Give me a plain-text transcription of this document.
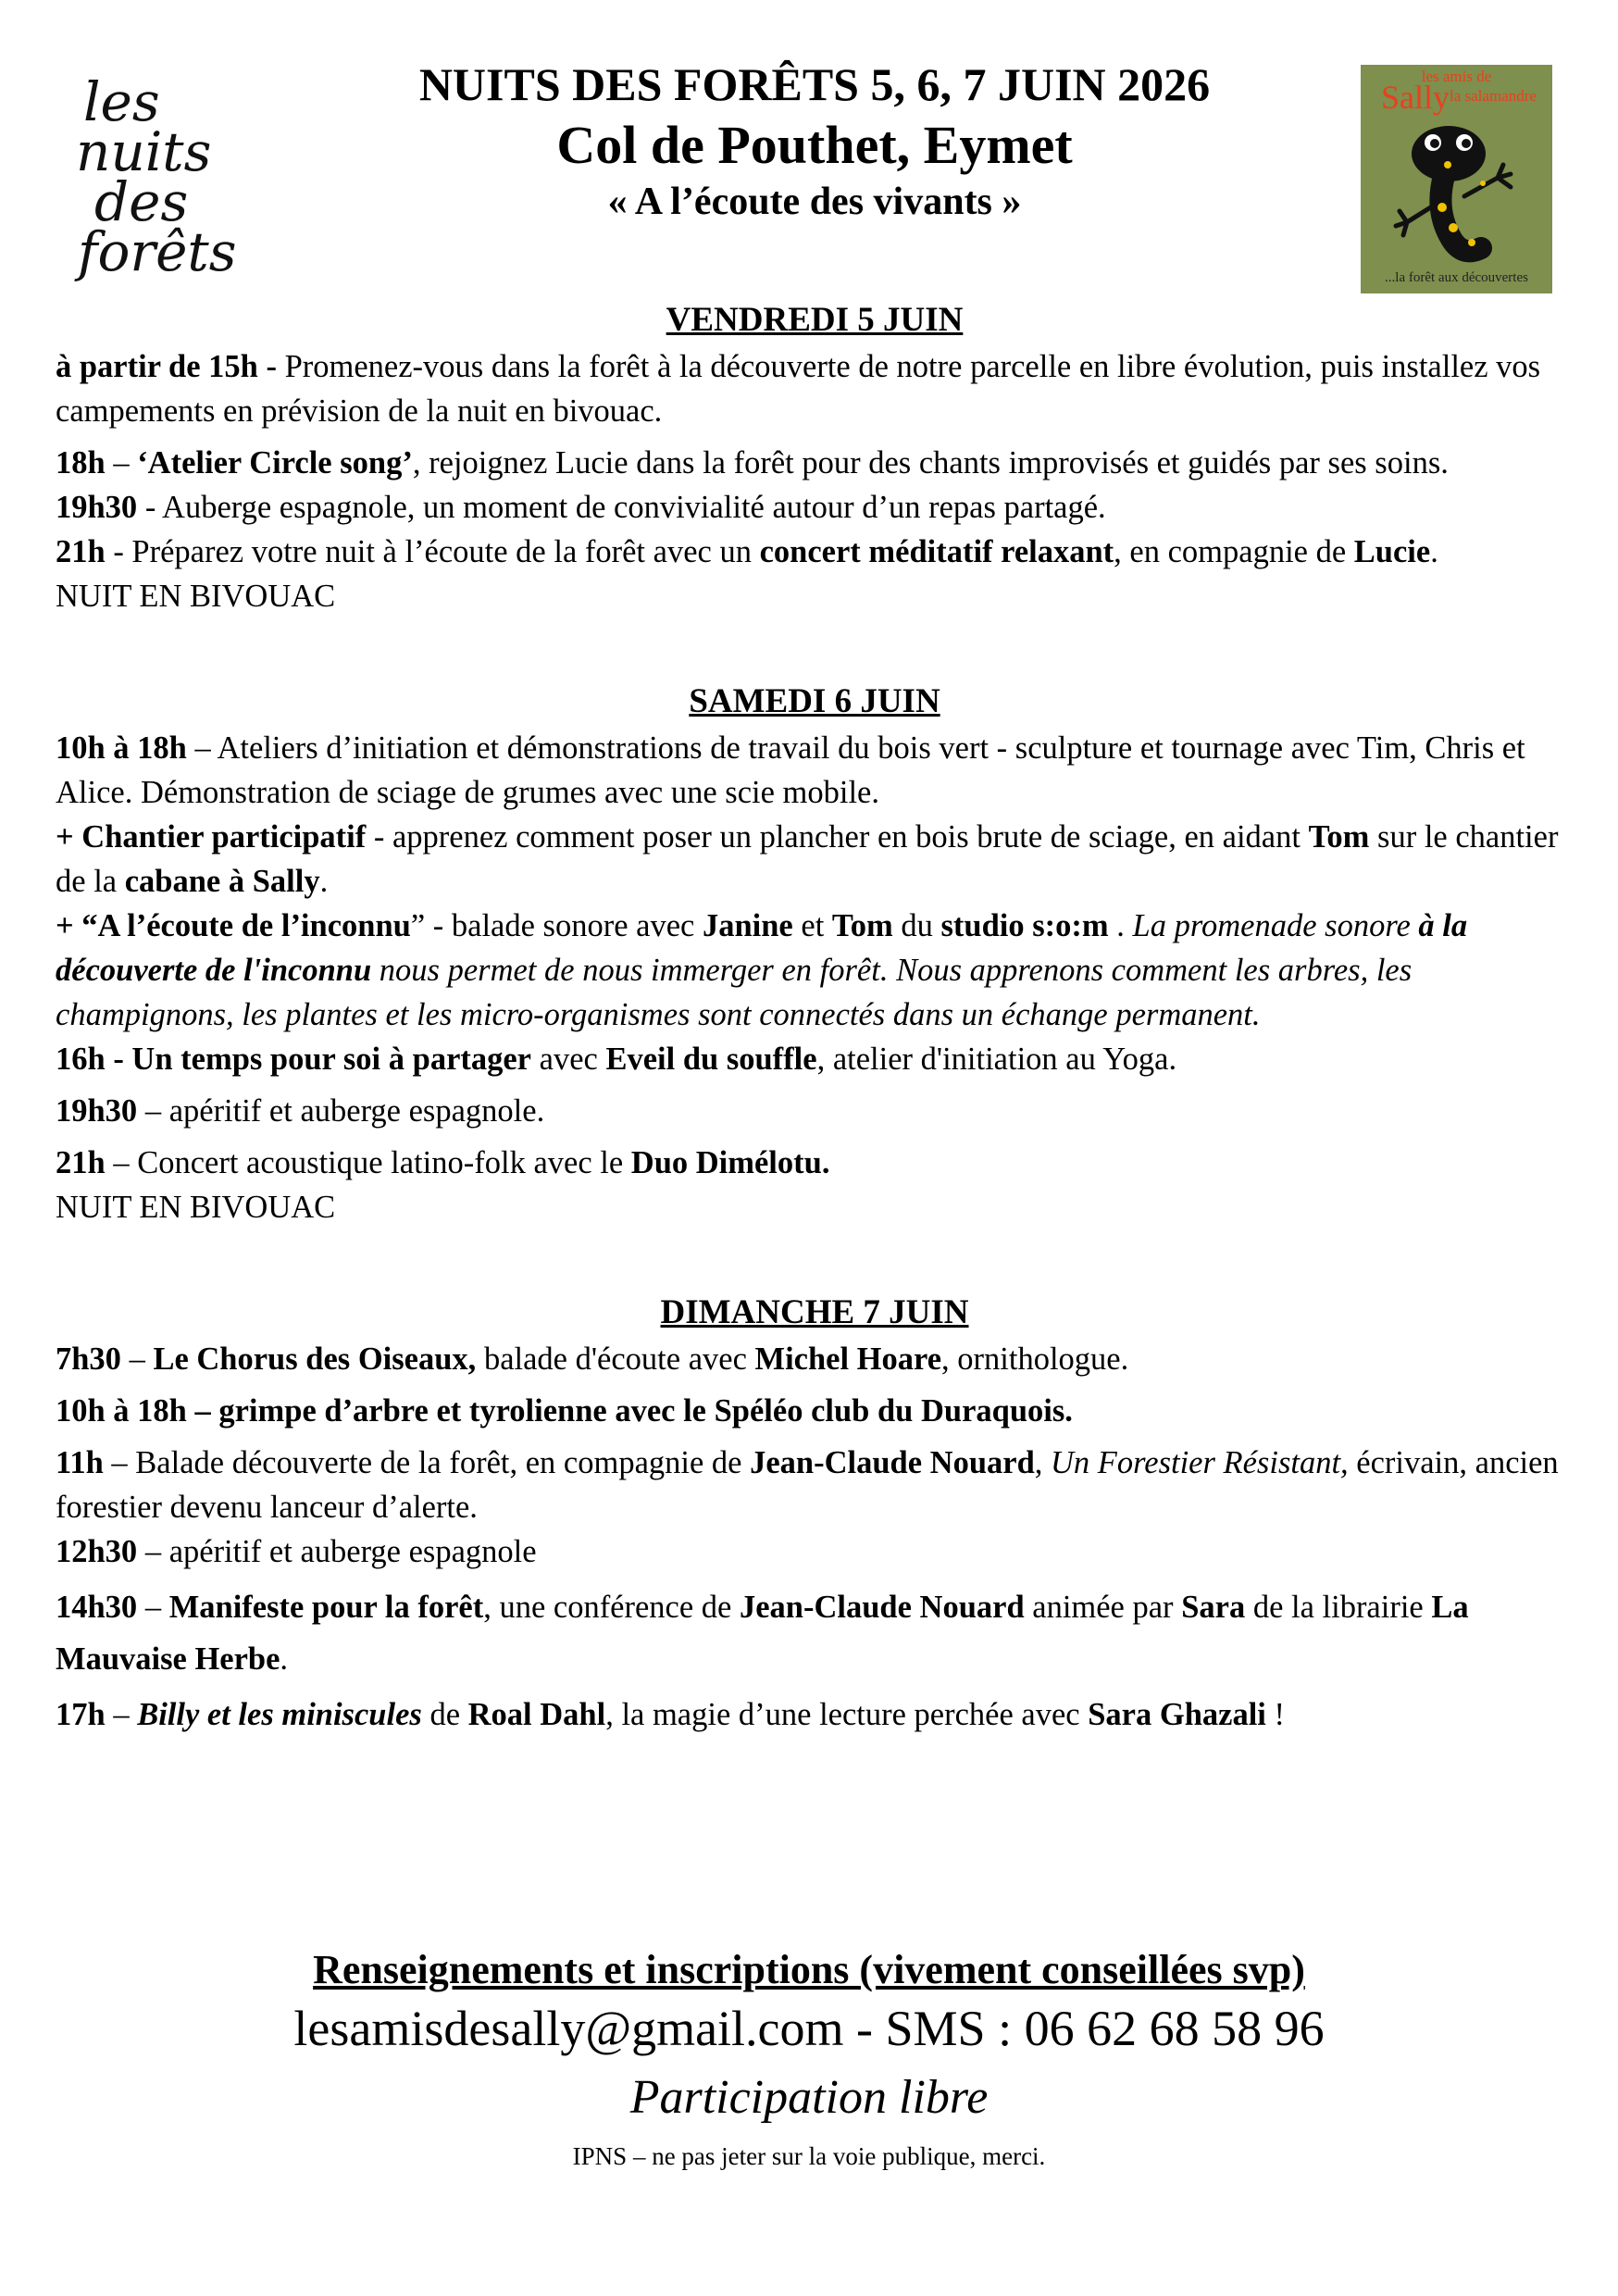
les
nuits
des
forêts
NUITS DES FORÊTS 5, 6, 7 JUIN 2026
Col de Pouthet, Eymet
« A l’écoute des vivants »
les amis de
Sally la salamandre
...la forêt aux découvertes
VENDREDI 5 JUIN

à partir de 15h - Promenez-vous dans la forêt à la découverte de notre parcelle en libre évolution, puis installez vos campements en prévision de la nuit en bivouac.

18h – ‘Atelier Circle song’, rejoignez Lucie dans la forêt pour des chants improvisés et guidés par ses soins.

19h30 - Auberge espagnole, un moment de convivialité autour d’un repas partagé.

21h - Préparez votre nuit à l’écoute de la forêt avec un concert méditatif relaxant, en compagnie de Lucie.

NUIT EN BIVOUAC

SAMEDI 6 JUIN

10h à 18h – Ateliers d’initiation et démonstrations de travail du bois vert - sculpture et tournage avec Tim, Chris et Alice. Démonstration de sciage de grumes avec une scie mobile.

+ Chantier participatif - apprenez comment poser un plancher en bois brute de sciage, en aidant Tom sur le chantier de la cabane à Sally.

+ “A l’écoute de l’inconnu” - balade sonore avec Janine et Tom du studio s:o:m . La promenade sonore à la découverte de l'inconnu nous permet de nous immerger en forêt. Nous apprenons comment les arbres, les champignons, les plantes et les micro-organismes sont connectés dans un échange permanent.

16h - Un temps pour soi à partager avec Eveil du souffle, atelier d'initiation au Yoga.

19h30 – apéritif et auberge espagnole.

21h – Concert acoustique latino-folk avec le Duo Dimélotu.

NUIT EN BIVOUAC

DIMANCHE 7 JUIN

7h30 – Le Chorus des Oiseaux, balade d'écoute avec Michel Hoare, ornithologue.

10h à 18h – grimpe d’arbre et tyrolienne avec le Spéléo club du Duraquois.

11h – Balade découverte de la forêt, en compagnie de Jean-Claude Nouard, Un Forestier Résistant, écrivain, ancien forestier devenu lanceur d’alerte.

12h30 – apéritif et auberge espagnole

14h30 – Manifeste pour la forêt, une conférence de Jean-Claude Nouard animée par Sara de la librairie La Mauvaise Herbe.

17h – Billy et les miniscules de Roal Dahl, la magie d’une lecture perchée avec Sara Ghazali !

Renseignements et inscriptions (vivement conseillées svp)
lesamisdesally@gmail.com - SMS : 06 62 68 58 96
Participation libre
IPNS – ne pas jeter sur la voie publique, merci.
